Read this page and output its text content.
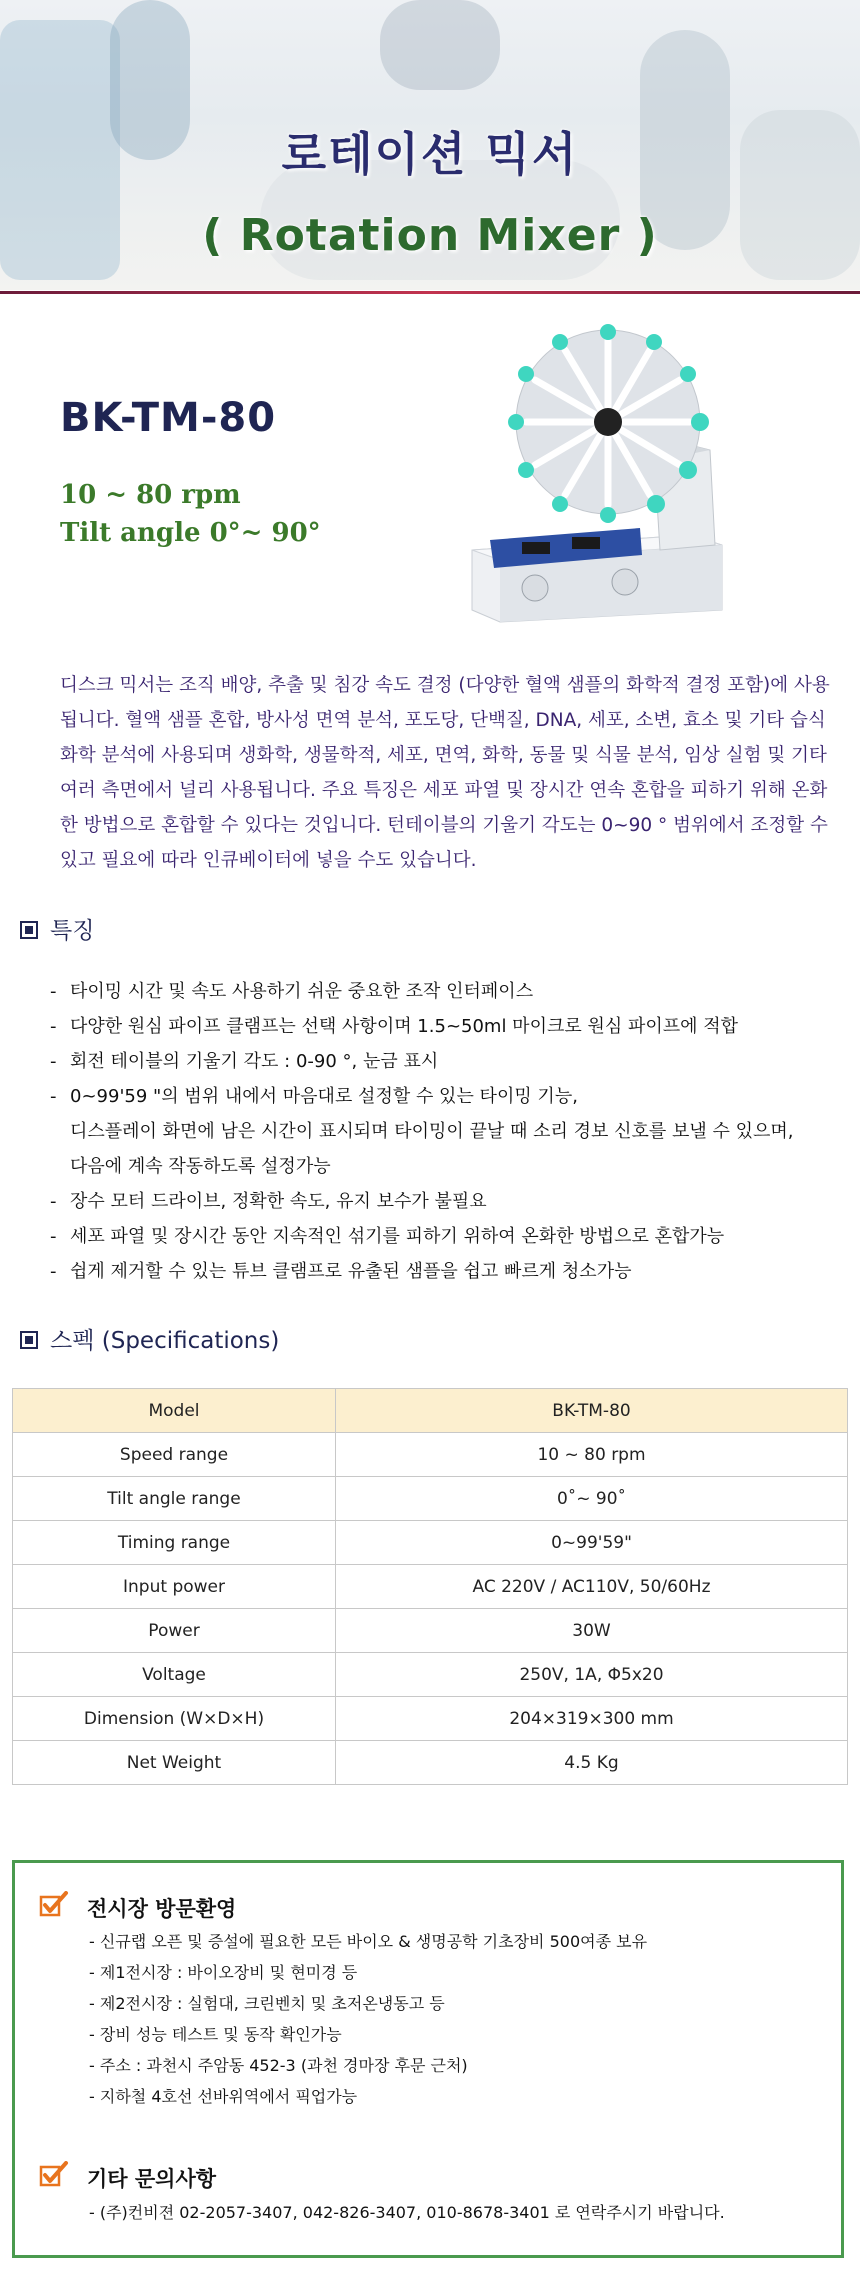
로테이션 믹서
( Rotation Mixer )
BK-TM-80
10 ~ 80 rpm
Tilt angle 0°~ 90°
디스크 믹서는 조직 배양, 추출 및 침강 속도 결정 (다양한 혈액 샘플의 화학적 결정 포함)에 사용됩니다. 혈액 샘플 혼합, 방사성 면역 분석, 포도당, 단백질, DNA, 세포, 소변, 효소 및 기타 습식 화학 분석에 사용되며 생화학, 생물학적, 세포, 면역, 화학, 동물 및 식물 분석, 임상 실험 및 기타 여러 측면에서 널리 사용됩니다. 주요 특징은 세포 파열 및 장시간 연속 혼합을 피하기 위해 온화한 방법으로 혼합할 수 있다는 것입니다. 턴테이블의 기울기 각도는 0~90 ° 범위에서 조정할 수 있고 필요에 따라 인큐베이터에 넣을 수도 있습니다.
특징
- 타이밍 시간 및 속도 사용하기 쉬운 중요한 조작 인터페이스
- 다양한 원심 파이프 클램프는 선택 사항이며 1.5~50ml 마이크로 원심 파이프에 적합
- 회전 테이블의 기울기 각도 : 0-90 °, 눈금 표시
- 0~99'59 "의 범위 내에서 마음대로 설정할 수 있는 타이밍 기능,
디스플레이 화면에 남은 시간이 표시되며 타이밍이 끝날 때 소리 경보 신호를 보낼 수 있으며,
다음에 계속 작동하도록 설정가능
- 장수 모터 드라이브, 정확한 속도, 유지 보수가 불필요
- 세포 파열 및 장시간 동안 지속적인 섞기를 피하기 위하여 온화한 방법으로 혼합가능
- 쉽게 제거할 수 있는 튜브 클램프로 유출된 샘플을 쉽고 빠르게 청소가능
스펙 (Specifications)
Model	BK-TM-80
Speed range	10 ~ 80 rpm
Tilt angle range	0˚~ 90˚
Timing range	0~99'59"
Input power	AC 220V / AC110V, 50/60Hz
Power	30W
Voltage	250V, 1A, Φ5x20
Dimension (W×D×H)	204×319×300 mm
Net Weight	4.5 Kg
전시장 방문환영
- 신규랩 오픈 및 증설에 필요한 모든 바이오 & 생명공학 기초장비 500여종 보유
- 제1전시장 : 바이오장비 및 현미경 등
- 제2전시장 : 실험대, 크린벤치 및 초저온냉동고 등
- 장비 성능 테스트 및 동작 확인가능
- 주소 : 과천시 주암동 452-3 (과천 경마장 후문 근처)
- 지하철 4호선 선바위역에서 픽업가능
기타 문의사항
- (주)컨비젼 02-2057-3407, 042-826-3407, 010-8678-3401 로 연락주시기 바랍니다.
